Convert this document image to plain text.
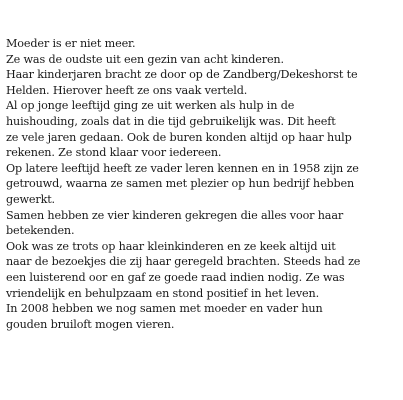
Moeder is er niet meer.
Ze was de oudste uit een gezin van acht kinderen.
Haar kinderjaren bracht ze door op de Zandberg/Dekeshorst te
Helden. Hierover heeft ze ons vaak verteld.
Al op jonge leeftijd ging ze uit werken als hulp in de
huishouding, zoals dat in die tijd gebruikelijk was. Dit heeft
ze vele jaren gedaan. Ook de buren konden altijd op haar hulp
rekenen. Ze stond klaar voor iedereen.
Op latere leeftijd heeft ze vader leren kennen en in 1958 zijn ze
getrouwd, waarna ze samen met plezier op hun bedrijf hebben
gewerkt.
Samen hebben ze vier kinderen gekregen die alles voor haar
betekenden.
Ook was ze trots op haar kleinkinderen en ze keek altijd uit
naar de bezoekjes die zij haar geregeld brachten. Steeds had ze
een luisterend oor en gaf ze goede raad indien nodig. Ze was
vriendelijk en behulpzaam en stond positief in het leven.
In 2008 hebben we nog samen met moeder en vader hun
gouden bruiloft mogen vieren.
